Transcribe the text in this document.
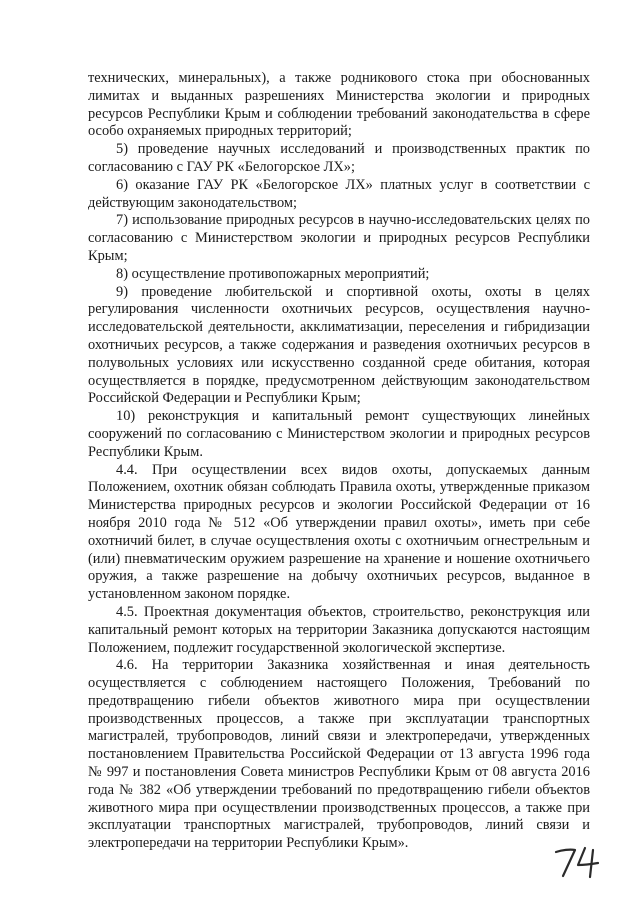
технических, минеральных), а также родникового стока при обоснованных лимитах и выданных разрешениях Министерства экологии и природных ресурсов Республики Крым и соблюдении требований законодательства в сфере особо охраняемых природных территорий;

5) проведение научных исследований и производственных практик по согласованию с ГАУ РК «Белогорское ЛХ»;

6) оказание ГАУ РК «Белогорское ЛХ» платных услуг в соответствии с действующим законодательством;

7) использование природных ресурсов в научно-исследовательских целях по согласованию с Министерством экологии и природных ресурсов Республики Крым;

8) осуществление противопожарных мероприятий;

9) проведение любительской и спортивной охоты, охоты в целях регулирования численности охотничьих ресурсов, осуществления научно-исследовательской деятельности, акклиматизации, переселения и гибридизации охотничьих ресурсов, а также содержания и разведения охотничьих ресурсов в полувольных условиях или искусственно созданной среде обитания, которая осуществляется в порядке, предусмотренном действующим законодательством Российской Федерации и Республики Крым;

10) реконструкция и капитальный ремонт существующих линейных сооружений по согласованию с Министерством экологии и природных ресурсов Республики Крым.

4.4. При осуществлении всех видов охоты, допускаемых данным Положением, охотник обязан соблюдать Правила охоты, утвержденные приказом Министерства природных ресурсов и экологии Российской Федерации от 16 ноября 2010 года № 512 «Об утверждении правил охоты», иметь при себе охотничий билет, в случае осуществления охоты с охотничьим огнестрельным и (или) пневматическим оружием разрешение на хранение и ношение охотничьего оружия, а также разрешение на добычу охотничьих ресурсов, выданное в установленном законом порядке.

4.5. Проектная документация объектов, строительство, реконструкция или капитальный ремонт которых на территории Заказника допускаются настоящим Положением, подлежит государственной экологической экспертизе.

4.6. На территории Заказника хозяйственная и иная деятельность осуществляется с соблюдением настоящего Положения, Требований по предотвращению гибели объектов животного мира при осуществлении производственных процессов, а также при эксплуатации транспортных магистралей, трубопроводов, линий связи и электропередачи, утвержденных постановлением Правительства Российской Федерации от 13 августа 1996 года № 997 и постановления Совета министров Республики Крым от 08 августа 2016 года № 382 «Об утверждении требований по предотвращению гибели объектов животного мира при осуществлении производственных процессов, а также при эксплуатации транспортных магистралей, трубопроводов, линий связи и электропередачи на территории Республики Крым».
